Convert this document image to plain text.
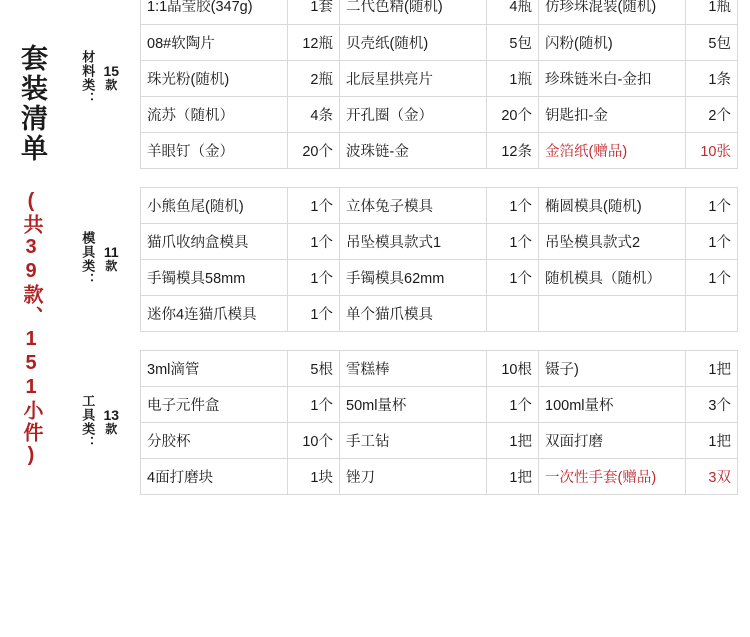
套装清单
(共39款、151小件)
材料类： 15
款
1:1晶莹胶(347g)	1套	二代色精(随机)	4瓶	仿珍珠混装(随机)	1瓶
08#软陶片	12瓶	贝壳纸(随机)	5包	闪粉(随机)	5包
珠光粉(随机)	2瓶	北辰星拱亮片	1瓶	珍珠链米白-金扣	1条
流苏（随机）	4条	开孔圈（金）	20个	钥匙扣-金	2个
羊眼钉（金）	20个	波珠链-金	12条	金箔纸(赠品)	10张
模具类： 11
款
小熊鱼尾(随机)	1个	立体兔子模具	1个	椭圆模具(随机)	1个
猫爪收纳盒模具	1个	吊坠模具款式1	1个	吊坠模具款式2	1个
手镯模具58mm	1个	手镯模具62mm	1个	随机模具（随机）	1个
迷你4连猫爪模具	1个	单个猫爪模具			
工具类： 13
款
3ml滴管	5根	雪糕棒	10根	镊子)	1把
电子元件盒	1个	50ml量杯	1个	100ml量杯	3个
分胶杯	10个	手工钻	1把	双面打磨	1把
4面打磨块	1块	锉刀	1把	一次性手套(赠品)	3双
